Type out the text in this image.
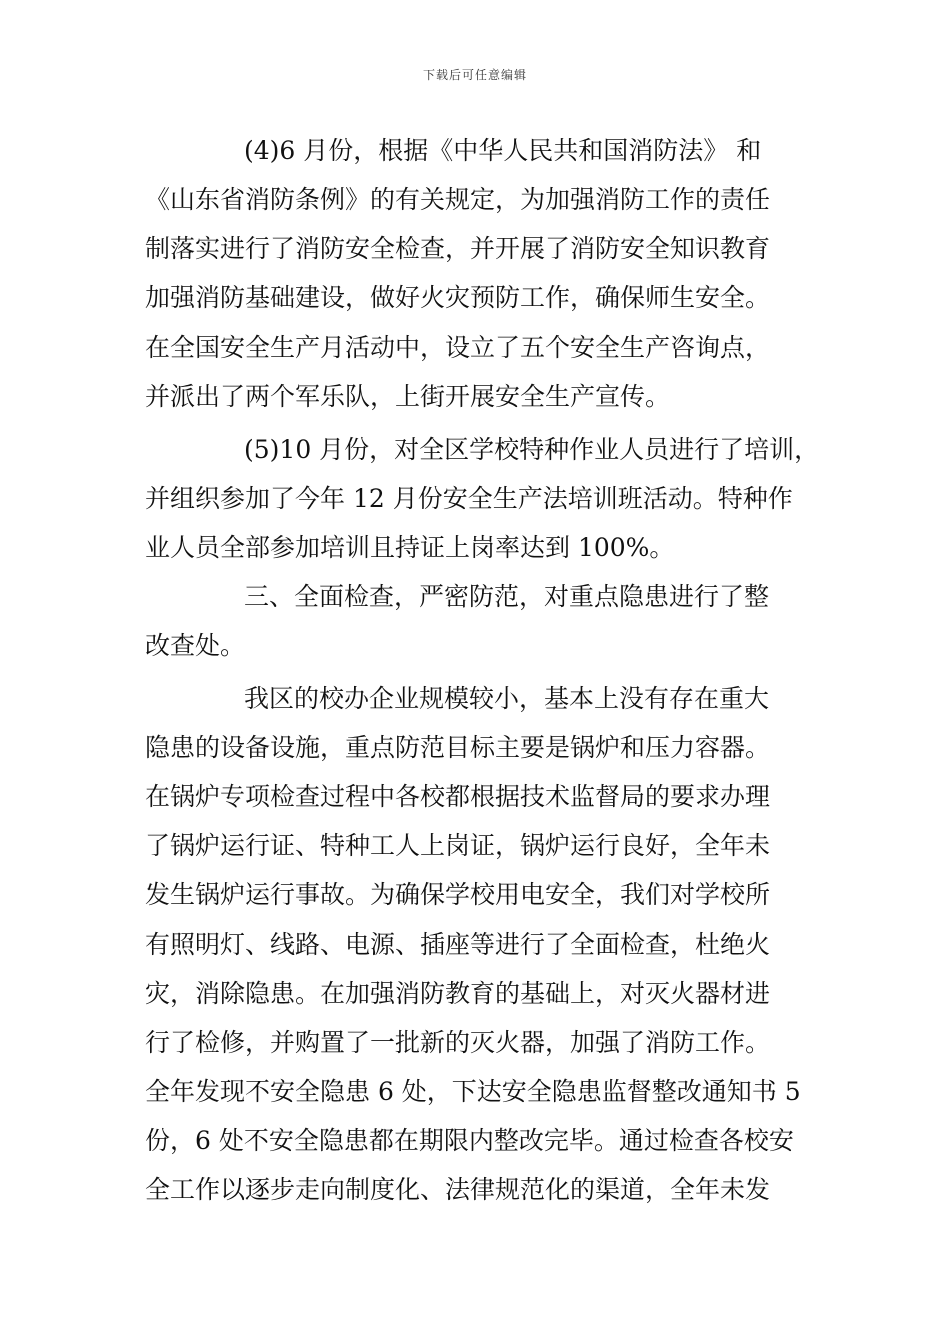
下载后可任意编辑
(4)6 月份，根据《中华人民共和国消防法》 和
《山东省消防条例》的有关规定，为加强消防工作的责任
制落实进行了消防安全检查，并开展了消防安全知识教育
加强消防基础建设，做好火灾预防工作，确保师生安全。
在全国安全生产月活动中，设立了五个安全生产咨询点，
并派出了两个军乐队，上街开展安全生产宣传。
(5)10 月份，对全区学校特种作业人员进行了培训，
并组织参加了今年 12 月份安全生产法培训班活动。特种作
业人员全部参加培训且持证上岗率达到 100%。
三、全面检查，严密防范，对重点隐患进行了整
改查处。
我区的校办企业规模较小，基本上没有存在重大
隐患的设备设施，重点防范目标主要是锅炉和压力容器。
在锅炉专项检查过程中各校都根据技术监督局的要求办理
了锅炉运行证、特种工人上岗证，锅炉运行良好，全年未
发生锅炉运行事故。为确保学校用电安全，我们对学校所
有照明灯、线路、电源、插座等进行了全面检查，杜绝火
灾，消除隐患。在加强消防教育的基础上，对灭火器材进
行了检修，并购置了一批新的灭火器，加强了消防工作。
全年发现不安全隐患 6 处，下达安全隐患监督整改通知书 5
份，6 处不安全隐患都在期限内整改完毕。通过检查各校安
全工作以逐步走向制度化、法律规范化的渠道，全年未发
